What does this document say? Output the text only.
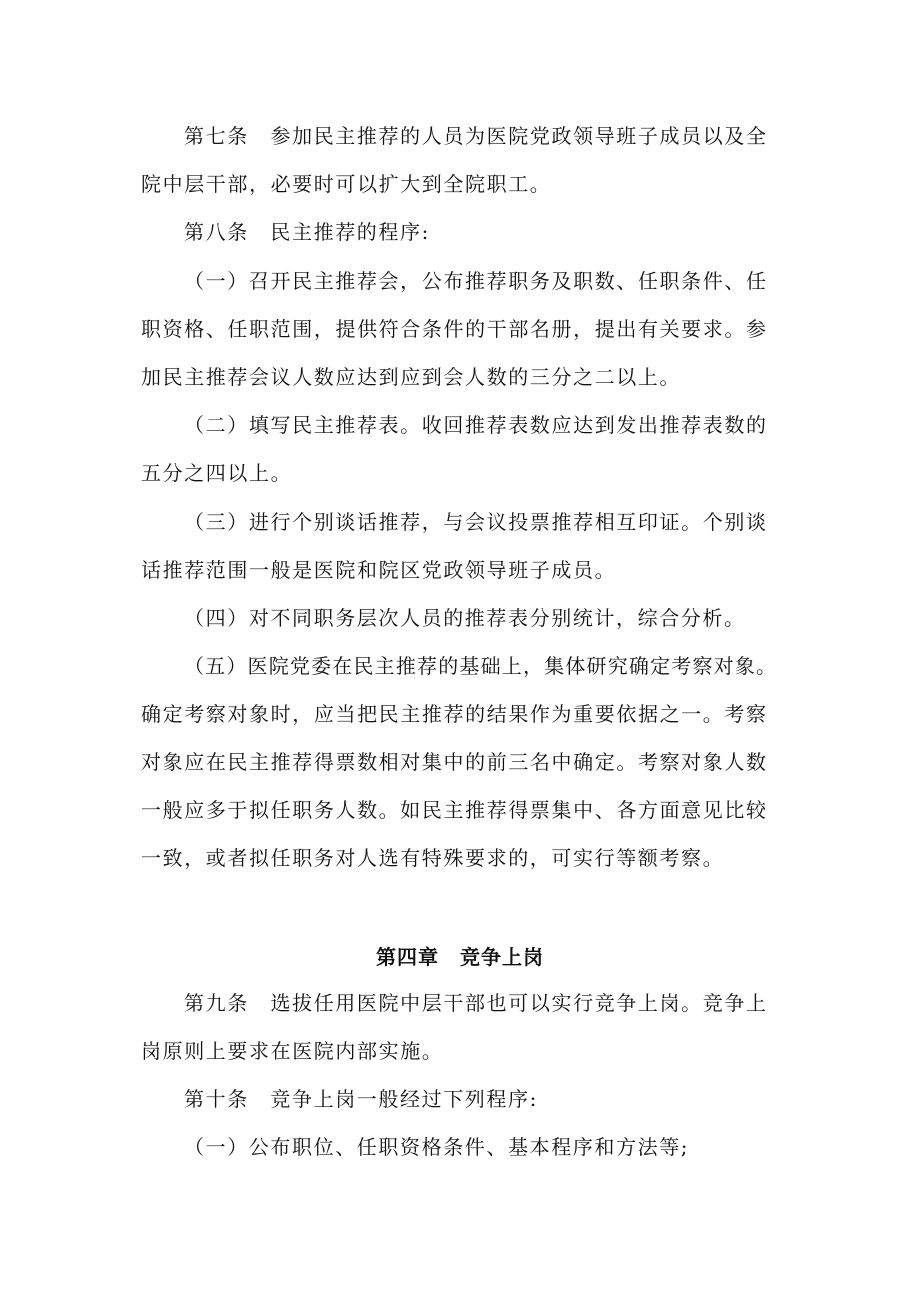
第七条　参加民主推荐的人员为医院党政领导班子成员以及全
院中层干部，必要时可以扩大到全院职工。
第八条　民主推荐的程序:
（一）召开民主推荐会，公布推荐职务及职数、任职条件、任
职资格、任职范围，提供符合条件的干部名册，提出有关要求。参
加民主推荐会议人数应达到应到会人数的三分之二以上。
（二）填写民主推荐表。收回推荐表数应达到发出推荐表数的
五分之四以上。
（三）进行个别谈话推荐，与会议投票推荐相互印证。个别谈
话推荐范围一般是医院和院区党政领导班子成员。
（四）对不同职务层次人员的推荐表分别统计，综合分析。
（五）医院党委在民主推荐的基础上，集体研究确定考察对象。
确定考察对象时，应当把民主推荐的结果作为重要依据之一。考察
对象应在民主推荐得票数相对集中的前三名中确定。考察对象人数
一般应多于拟任职务人数。如民主推荐得票集中、各方面意见比较
一致，或者拟任职务对人选有特殊要求的，可实行等额考察。
第四章　竞争上岗
第九条　选拔任用医院中层干部也可以实行竞争上岗。竞争上
岗原则上要求在医院内部实施。
第十条　竞争上岗一般经过下列程序:
（一）公布职位、任职资格条件、基本程序和方法等;
